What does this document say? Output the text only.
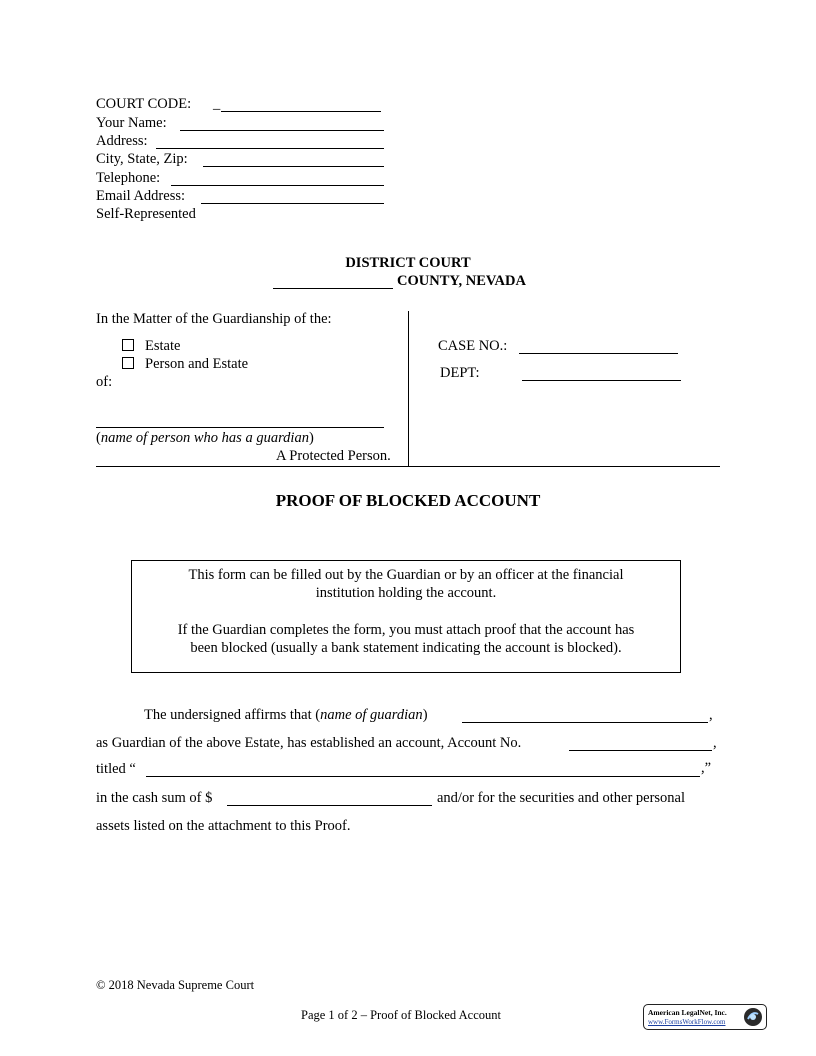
COURT CODE: _
Your Name:
Address:
City, State, Zip:
Telephone:
Email Address:
Self-Represented
DISTRICT COURT
COUNTY, NEVADA
In the Matter of the Guardianship of the:
Estate
Person and Estate
of:
(name of person who has a guardian)
A Protected Person.
CASE NO.:
DEPT:
PROOF OF BLOCKED ACCOUNT

This form can be filled out by the Guardian or by an officer at the financial

institution holding the account.

If the Guardian completes the form, you must attach proof that the account has

been blocked (usually a bank statement indicating the account is blocked).

The undersigned affirms that (name of guardian)	,
as Guardian of the above Estate, has established an account, Account No.	,
titled “	,”
in the cash sum of $	and/or for the securities and other personal
assets listed on the attachment to this Proof.
© 2018 Nevada Supreme Court
Page 1 of 2 – Proof of Blocked Account	American LegalNet, Inc.
www.FormsWorkFlow.com
